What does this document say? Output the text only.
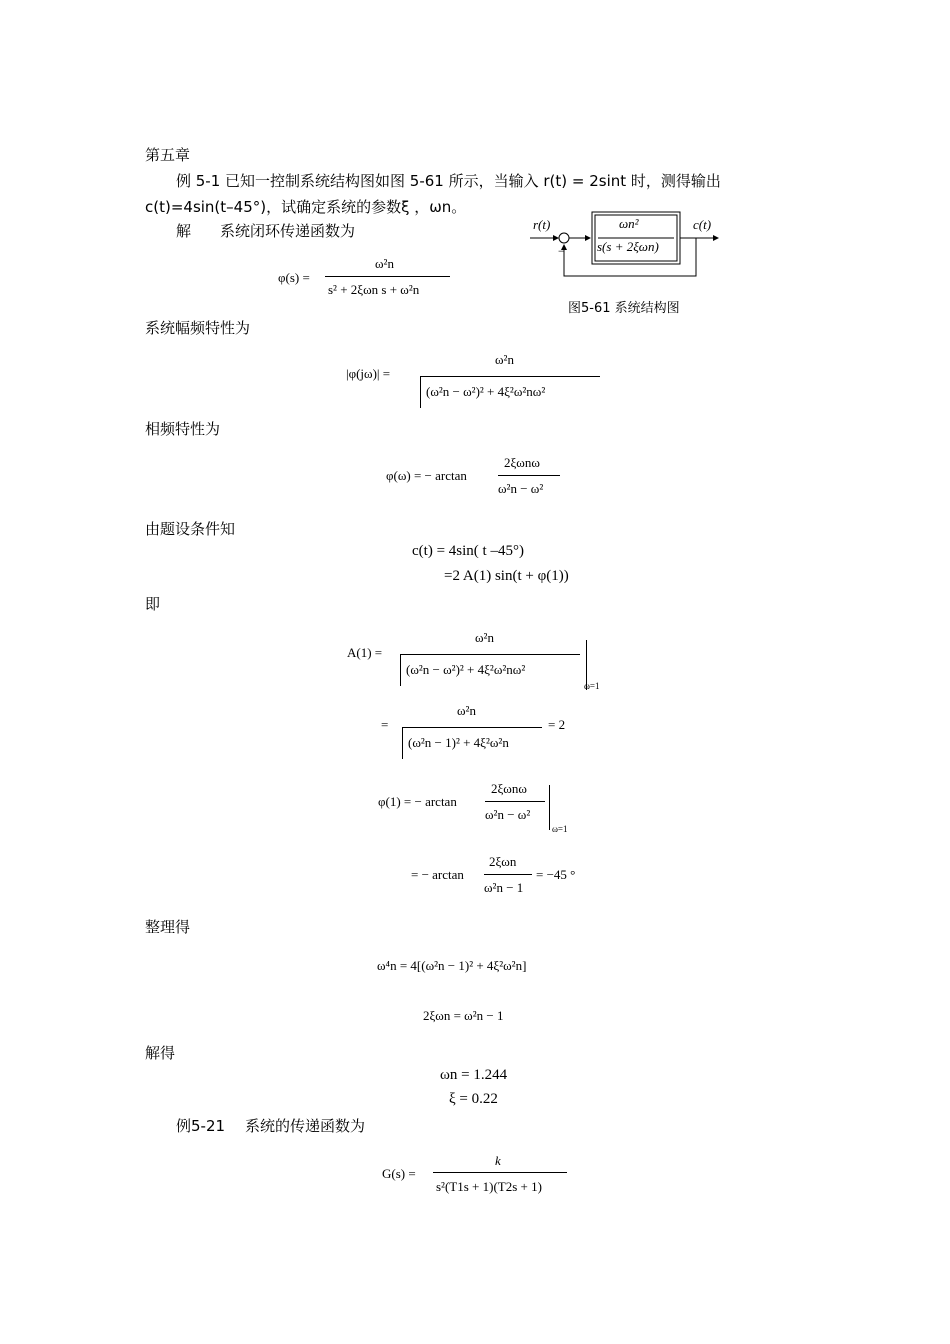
第五章
例 5-1 已知一控制系统结构图如图 5-61 所示，当输入 r(t) = 2sint 时，测得输出
c(t)=4sin(t–45°)，试确定系统的参数ξ ，ωn。
解 系统闭环传递函数为	r(t)	c(t)
ωn²
s(s + 2ξωn)
−
图5-61 系统结构图
φ(s) =
ω²n
s² + 2ξωn s + ω²n
系统幅频特性为
|φ(jω)| =
ω²n
(ω²n − ω²)² + 4ξ²ω²nω²
相频特性为
φ(ω) = − arctan
2ξωnω
ω²n − ω²
由题设条件知
c(t) = 4sin( t –45°)
=2 A(1) sin(t + φ(1))
即
A(1) =
ω²n
(ω²n − ω²)² + 4ξ²ω²nω²
ω=1
=
ω²n
(ω²n − 1)² + 4ξ²ω²n
= 2
φ(1) = − arctan
2ξωnω
ω²n − ω²
ω=1
= − arctan
2ξωn
ω²n − 1
= −45 °
整理得
ω⁴n = 4[(ω²n − 1)² + 4ξ²ω²n]
2ξωn = ω²n − 1
解得
ωn = 1.244
ξ = 0.22
例5-21 系统的传递函数为
G(s) =
k
s²(T1s + 1)(T2s + 1)
